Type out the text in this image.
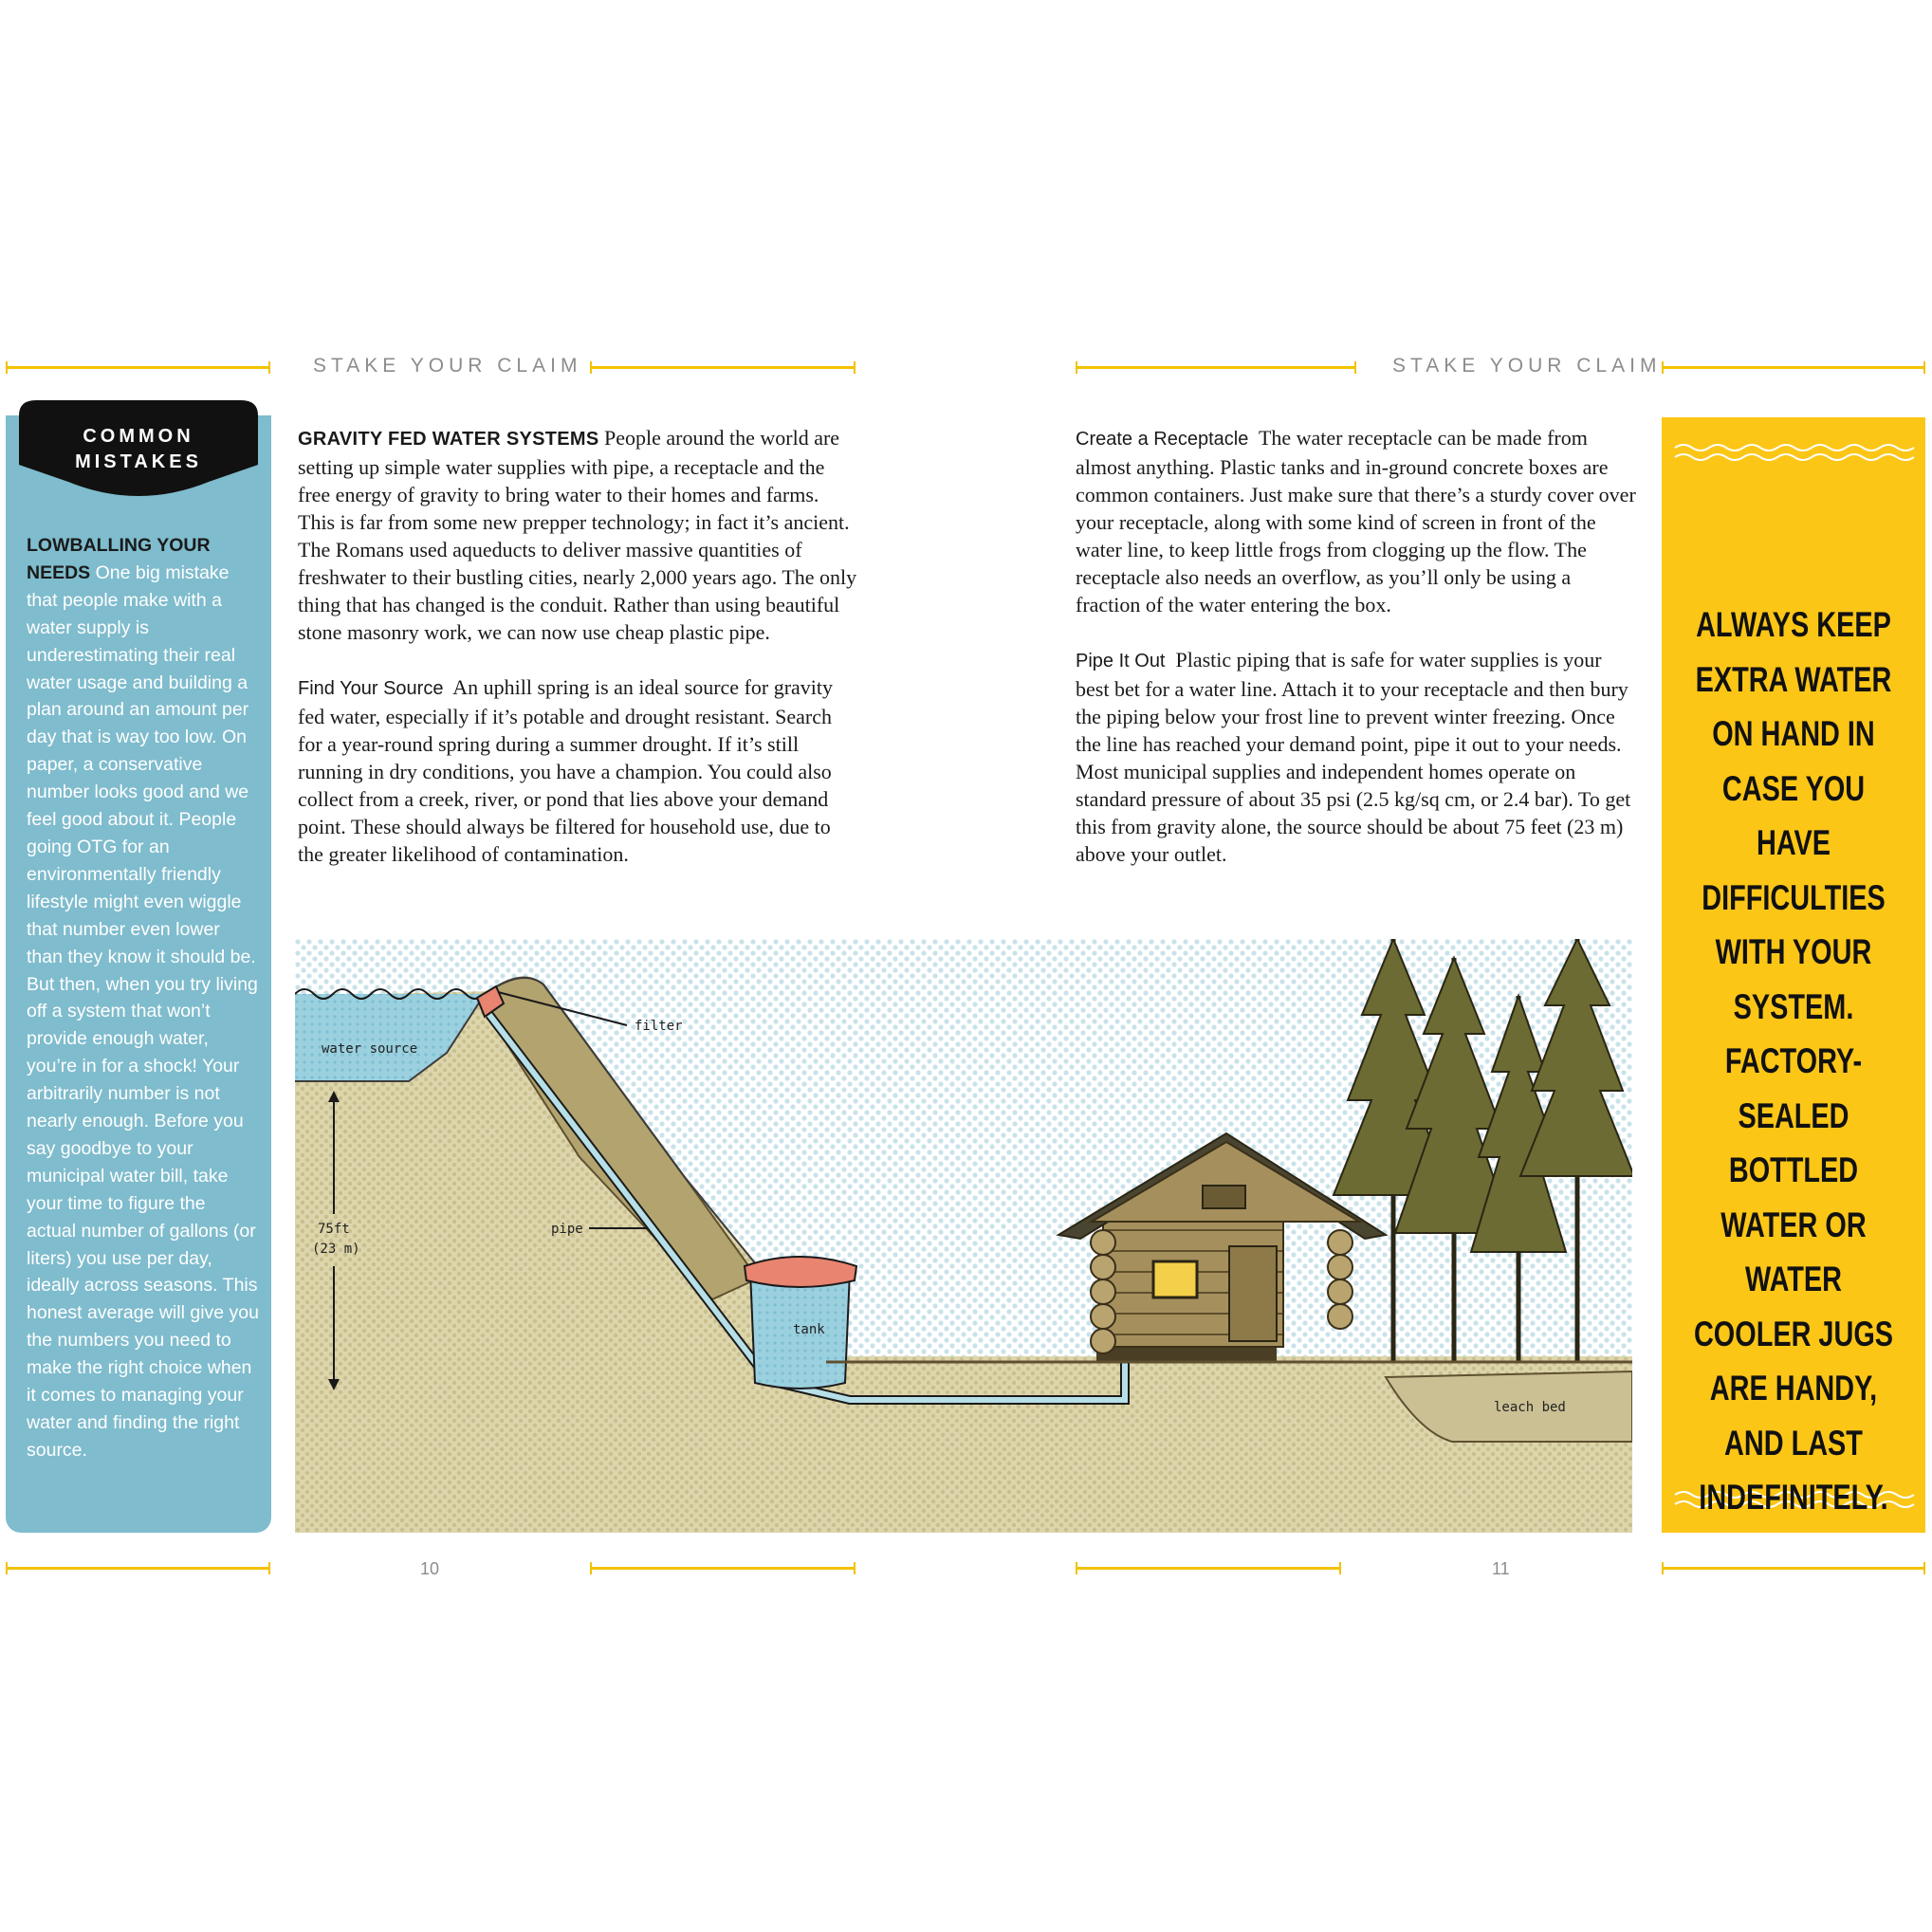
STAKE YOUR CLAIM	STAKE YOUR CLAIM
COMMON
MISTAKES
LOWBALLING YOUR NEEDS One big mistake that people make with a water supply is underestimating their real water usage and building a plan around an amount per day that is way too low. On paper, a conservative number looks good and we feel good about it. People going OTG for an environmentally friendly lifestyle might even wiggle that number even lower than they know it should be. But then, when you try living off a system that won’t provide enough water, you’re in for a shock! Your arbitrarily number is not nearly enough. Before you say goodbye to your municipal water bill, take your time to figure the actual number of gallons (or liters) you use per day, ideally across seasons. This honest average will give you the numbers you need to make the right choice when it comes to managing your water and finding the right source.

GRAVITY FED WATER SYSTEMS People around the world are setting up simple water supplies with pipe, a receptacle and the free energy of gravity to bring water to their homes and farms. This is far from some new prepper technology; in fact it’s ancient. The Romans used aqueducts to deliver massive quantities of freshwater to their bustling cities, nearly 2,000 years ago. The only thing that has changed is the conduit. Rather than using beautiful stone masonry work, we can now use cheap plastic pipe.

Find Your Source An uphill spring is an ideal source for gravity fed water, especially if it’s potable and drought resistant. Search for a year-round spring during a summer drought. If it’s still running in dry conditions, you have a champion. You could also collect from a creek, river, or pond that lies above your demand point. These should always be filtered for household use, due to the greater likelihood of contamination.

Create a Receptacle The water receptacle can be made from almost anything. Plastic tanks and in-ground concrete boxes are common containers. Just make sure that there’s a sturdy cover over your receptacle, along with some kind of screen in front of the water line, to keep little frogs from clogging up the flow. The receptacle also needs an overflow, as you’ll only be using a fraction of the water entering the box.

Pipe It Out Plastic piping that is safe for water supplies is your best bet for a water line. Attach it to your receptacle and then bury the piping below your frost line to prevent winter freezing. Once the line has reached your demand point, pipe it out to your needs. Most municipal supplies and independent homes operate on standard pressure of about 35 psi (2.5 kg/sq cm, or 2.4 bar). To get this from gravity alone, the source should be about 75 feet (23 m) above your outlet.

ALWAYS KEEP
EXTRA WATER
ON HAND IN
CASE YOU HAVE
DIFFICULTIES
WITH YOUR
SYSTEM.
FACTORY-
SEALED BOTTLED
WATER OR WATER
COOLER JUGS
ARE HANDY,
AND LAST
INDEFINITELY.
water source
filter
pipe
tank
75ft
(23 m)
leach bed
10	11
